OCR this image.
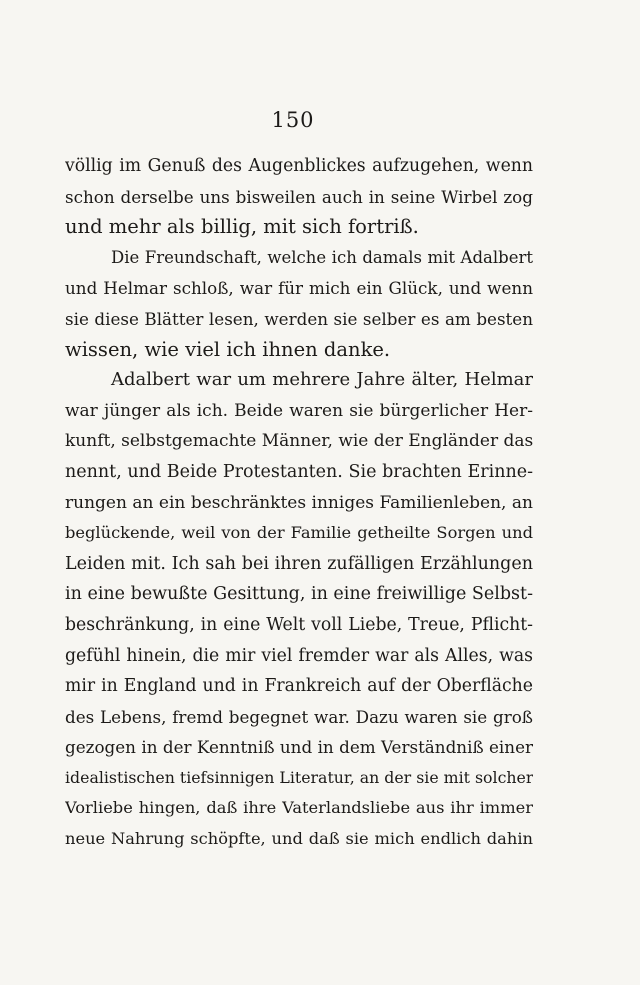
150
völlig im Genuß des Augenblickes aufzugehen, wenn
schon derselbe uns bisweilen auch in seine Wirbel zog
und mehr als billig, mit sich fortriß.
Die Freundschaft, welche ich damals mit Adalbert
und Helmar schloß, war für mich ein Glück, und wenn
sie diese Blätter lesen, werden sie selber es am besten
wissen, wie viel ich ihnen danke.
Adalbert war um mehrere Jahre älter, Helmar
war jünger als ich. Beide waren sie bürgerlicher Her-
kunft, selbstgemachte Männer, wie der Engländer das
nennt, und Beide Protestanten. Sie brachten Erinne-
rungen an ein beschränktes inniges Familienleben, an
beglückende, weil von der Familie getheilte Sorgen und
Leiden mit. Ich sah bei ihren zufälligen Erzählungen
in eine bewußte Gesittung, in eine freiwillige Selbst-
beschränkung, in eine Welt voll Liebe, Treue, Pflicht-
gefühl hinein, die mir viel fremder war als Alles, was
mir in England und in Frankreich auf der Oberfläche
des Lebens, fremd begegnet war. Dazu waren sie groß
gezogen in der Kenntniß und in dem Verständniß einer
idealistischen tiefsinnigen Literatur, an der sie mit solcher
Vorliebe hingen, daß ihre Vaterlandsliebe aus ihr immer
neue Nahrung schöpfte, und daß sie mich endlich dahin
